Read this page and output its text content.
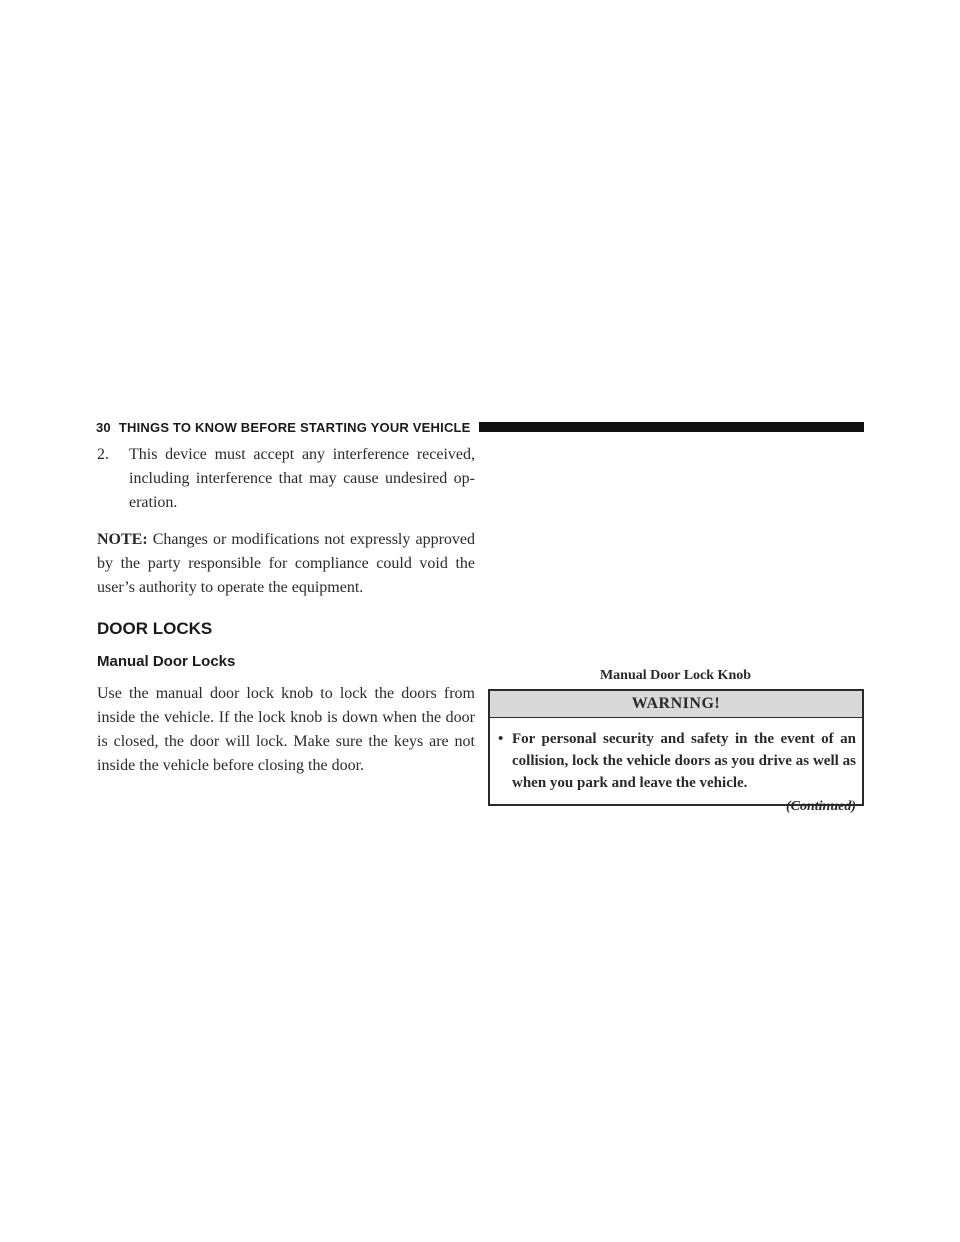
30 THINGS TO KNOW BEFORE STARTING YOUR VEHICLE
2.	This device must accept any interference received, including interference that may cause undesired op-eration.
NOTE: Changes or modifications not expressly approved by the party responsible for compliance could void the user’s authority to operate the equipment.
DOOR LOCKS
Manual Door Locks
Use the manual door lock knob to lock the doors from inside the vehicle. If the lock knob is down when the door is closed, the door will lock. Make sure the keys are not inside the vehicle before closing the door.
Manual Door Lock Knob
WARNING!
• For personal security and safety in the event of an collision, lock the vehicle doors as you drive as well as when you park and leave the vehicle.
(Continued)
